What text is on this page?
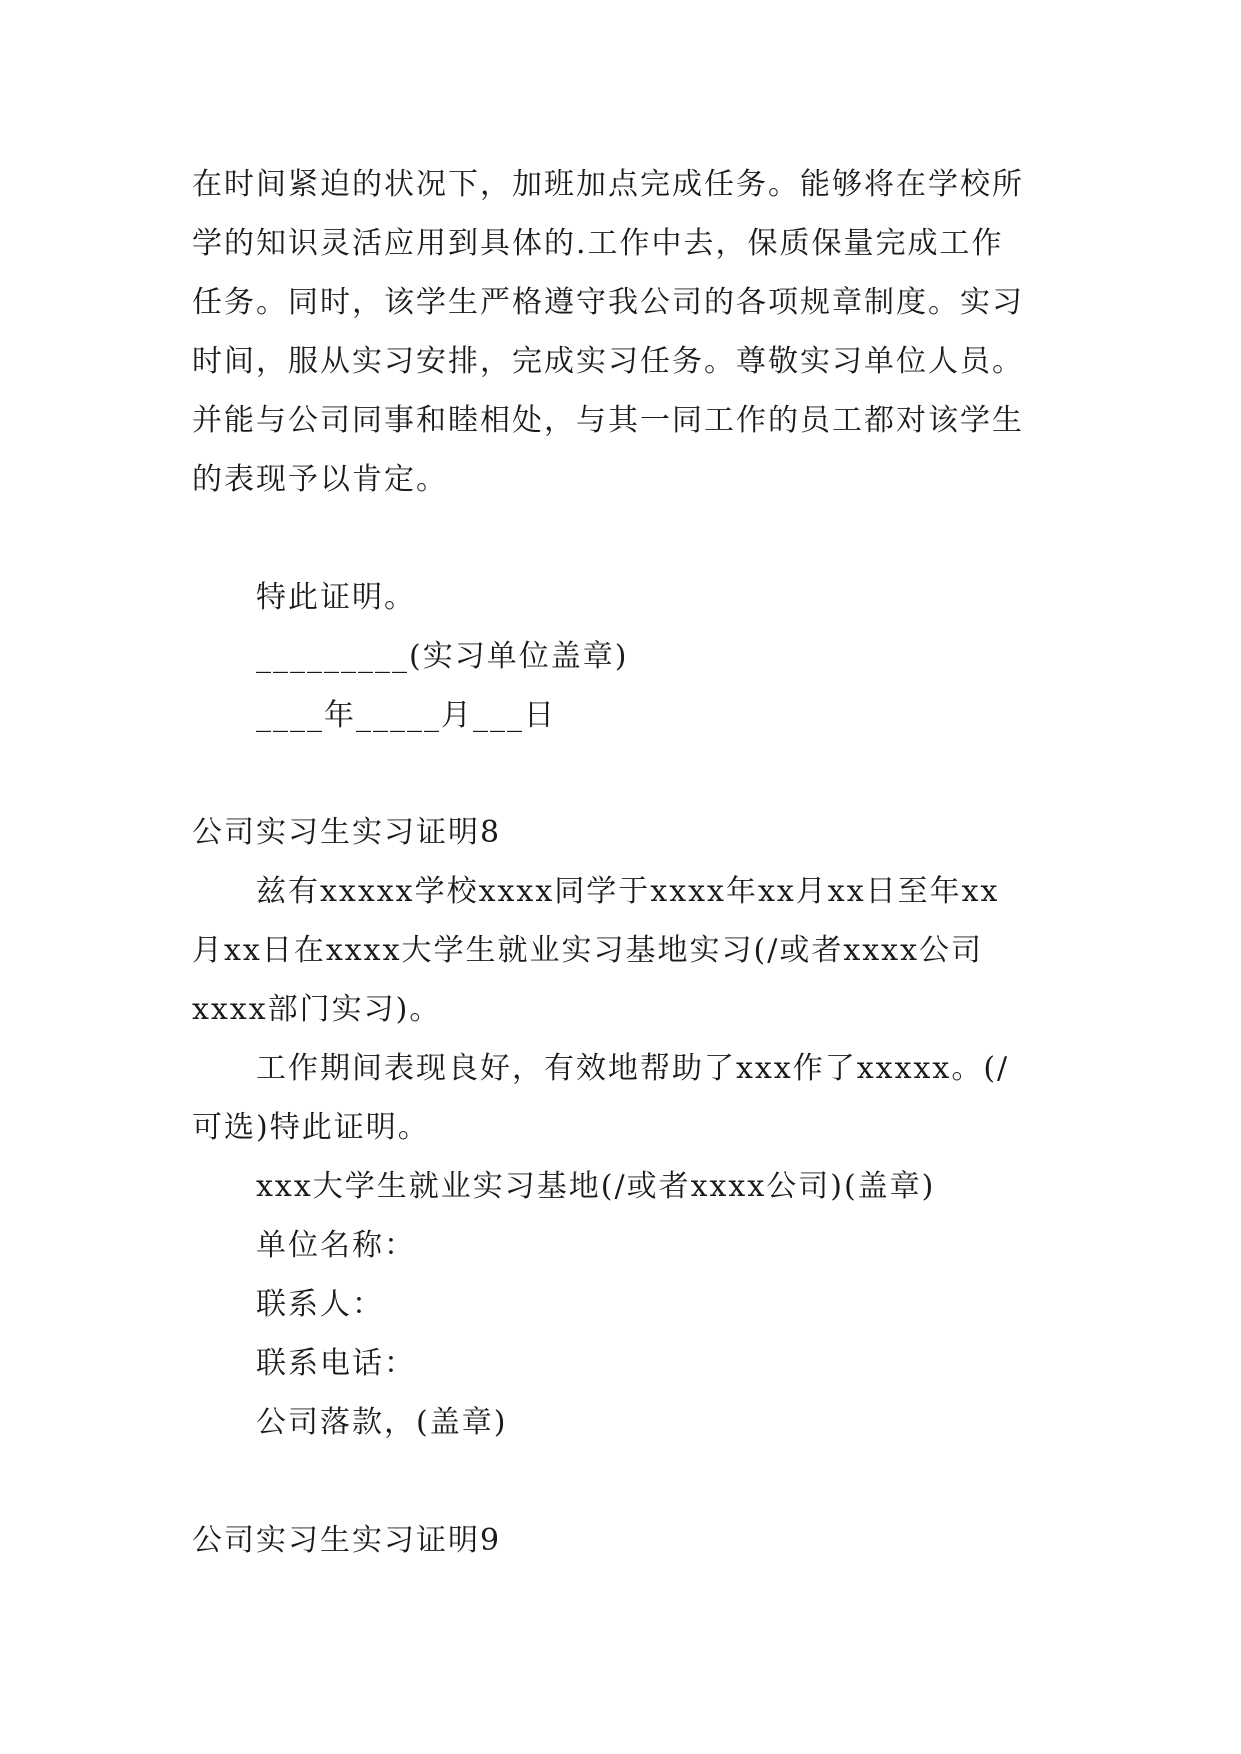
在时间紧迫的状况下，加班加点完成任务。能够将在学校所
学的知识灵活应用到具体的.工作中去，保质保量完成工作
任务。同时，该学生严格遵守我公司的各项规章制度。实习
时间，服从实习安排，完成实习任务。尊敬实习单位人员。
并能与公司同事和睦相处，与其一同工作的员工都对该学生
的表现予以肯定。
特此证明。
_________(实习单位盖章)
____年_____月___日
公司实习生实习证明8
兹有xxxxx学校xxxx同学于xxxx年xx月xx日至年xx
月xx日在xxxx大学生就业实习基地实习(/或者xxxx公司
xxxx部门实习)。
工作期间表现良好，有效地帮助了xxx作了xxxxx。(/
可选)特此证明。
xxx大学生就业实习基地(/或者xxxx公司)(盖章)
单位名称：
联系人：
联系电话：
公司落款，(盖章)
公司实习生实习证明9
